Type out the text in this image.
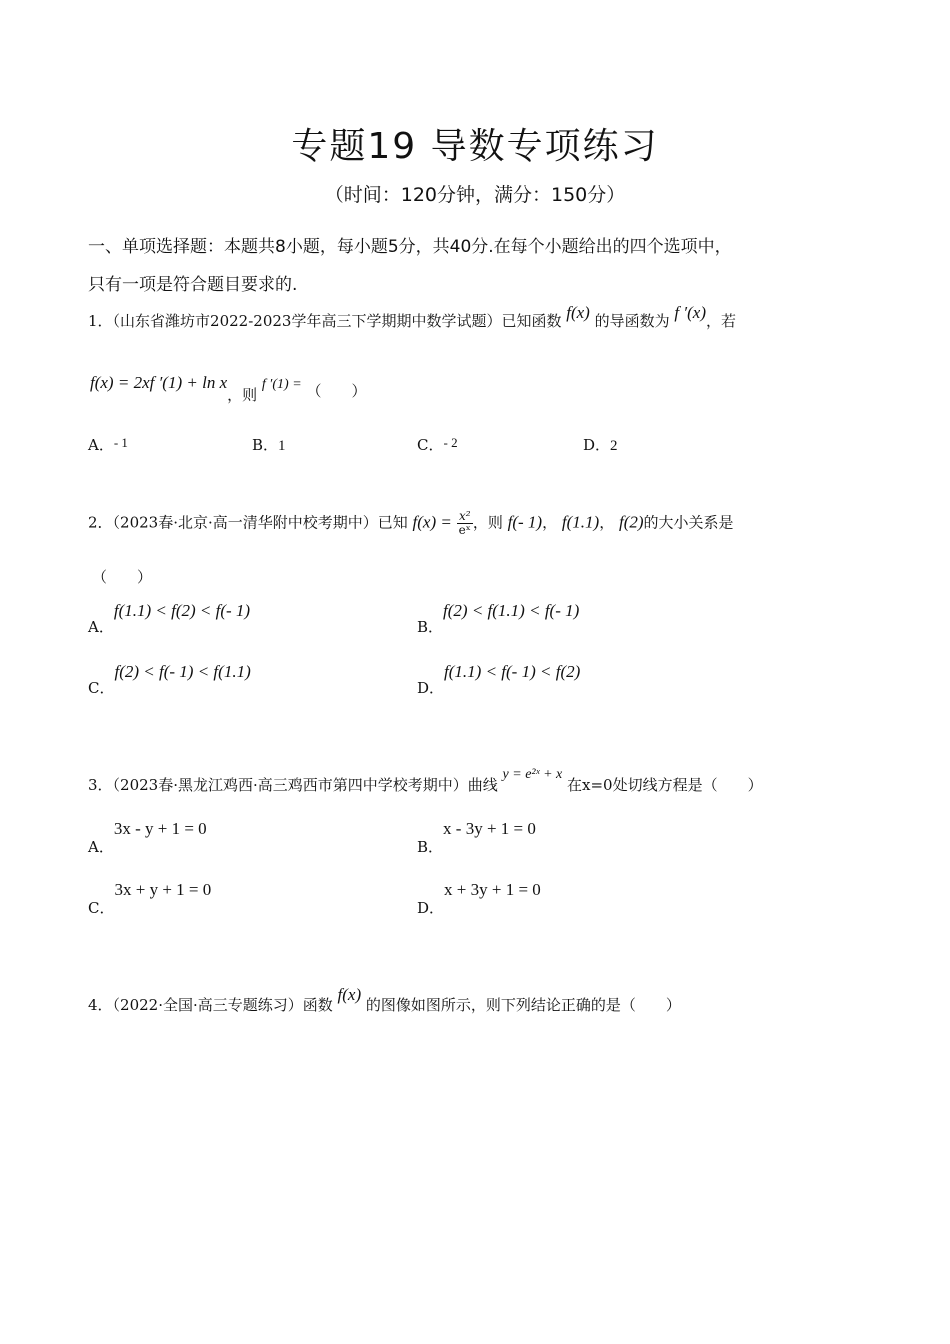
专题19 导数专项练习
（时间：120分钟，满分：150分）
一、单项选择题：本题共8小题，每小题5分，共40分.在每个小题给出的四个选项中，
只有一项是符合题目要求的.
1．（山东省潍坊市2022-2023学年高三下学期期中数学试题）已知函数 f(x) 的导函数为 f ′(x)，若
f(x) = 2xf ′(1) + ln x，则 f ′(1) = （　　）
A．- 1	B．1	C．- 2	D．2
2．（2023春·北京·高一清华附中校考期中）已知 $f(x) = \frac{\text{x²}}{\text{eˣ}}$ ，则 f(- 1)， f(1.1)， f(2)的大小关系是
（　　）
A．f(1.1) < f(2) < f(- 1)
B．f(2) < f(1.1) < f(- 1)
C．f(2) < f(- 1) < f(1.1)
D．f(1.1) < f(- 1) < f(2)
3．（2023春·黑龙江鸡西·高三鸡西市第四中学校考期中）曲线 y = e²ˣ + x 在x=0处切线方程是（　　）
A．3x - y + 1 = 0
B．x - 3y + 1 = 0
C．3x + y + 1 = 0
D．x + 3y + 1 = 0
4．（2022·全国·高三专题练习）函数 f(x) 的图像如图所示，则下列结论正确的是（　　）
